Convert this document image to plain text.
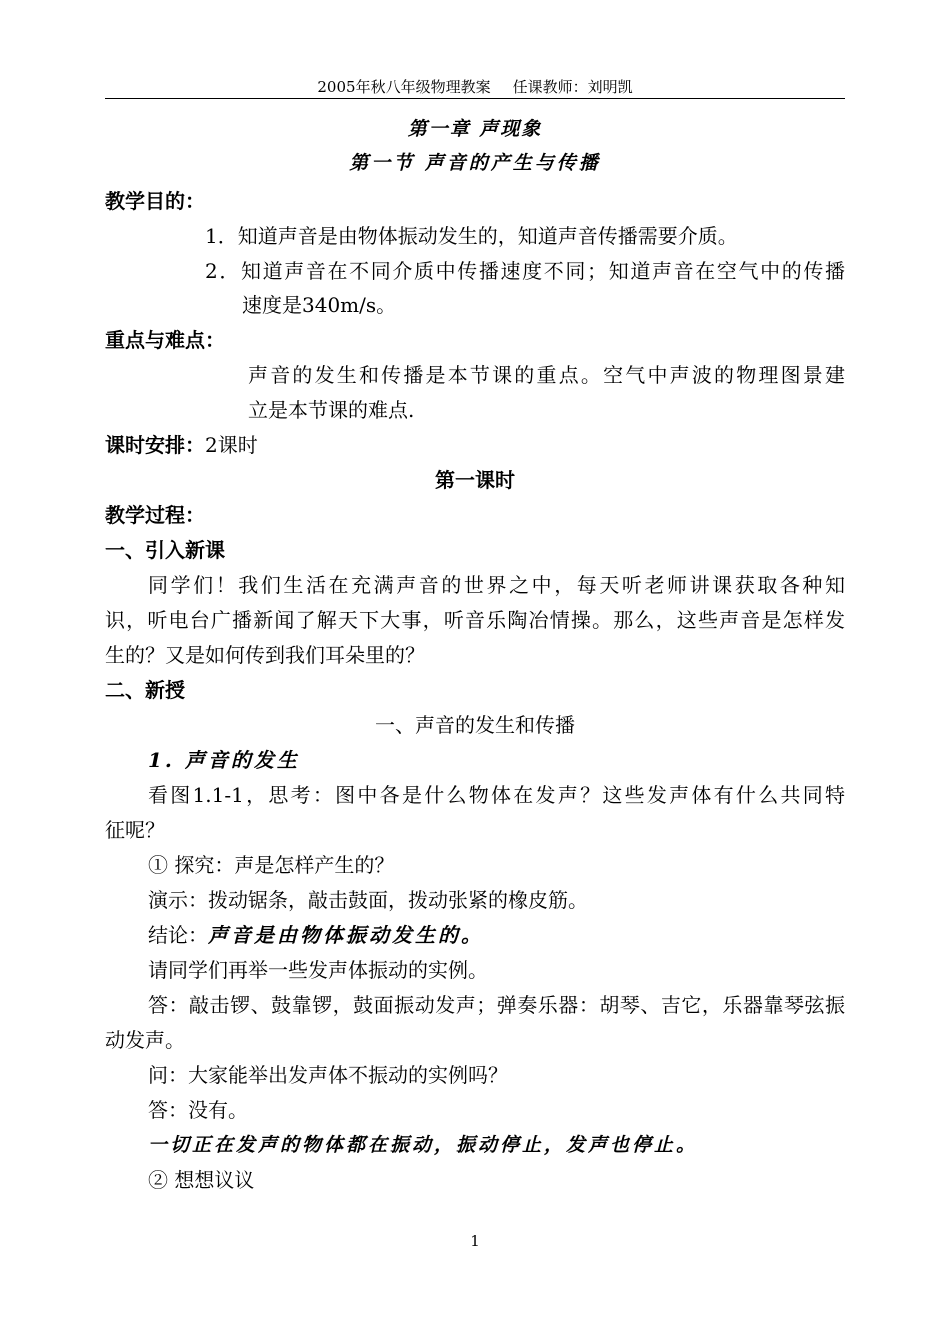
2005年秋八年级物理教案 任课教师：刘明凯
第一章 声现象
第一节 声音的产生与传播
教学目的：
1．知道声音是由物体振动发生的，知道声音传播需要介质。
2．知道声音在不同介质中传播速度不同；知道声音在空气中的传播
速度是340m/s。
重点与难点：
声音的发生和传播是本节课的重点。空气中声波的物理图景建
立是本节课的难点.
课时安排：2课时
第一课时
教学过程：
一、引入新课
同学们！我们生活在充满声音的世界之中，每天听老师讲课获取各种知
识，听电台广播新闻了解天下大事，听音乐陶冶情操。那么，这些声音是怎样发
生的？又是如何传到我们耳朵里的？
二、新授
一、声音的发生和传播
1. 声音的发生
看图1.1-1，思考：图中各是什么物体在发声？这些发声体有什么共同特
征呢？
① 探究：声是怎样产生的？
演示：拨动锯条，敲击鼓面，拨动张紧的橡皮筋。
结论：声音是由物体振动发生的。
请同学们再举一些发声体振动的实例。
答：敲击锣、鼓靠锣，鼓面振动发声；弹奏乐器：胡琴、吉它，乐器靠琴弦振
动发声。
问：大家能举出发声体不振动的实例吗？
答：没有。
一切正在发声的物体都在振动，振动停止，发声也停止。
② 想想议议
1
